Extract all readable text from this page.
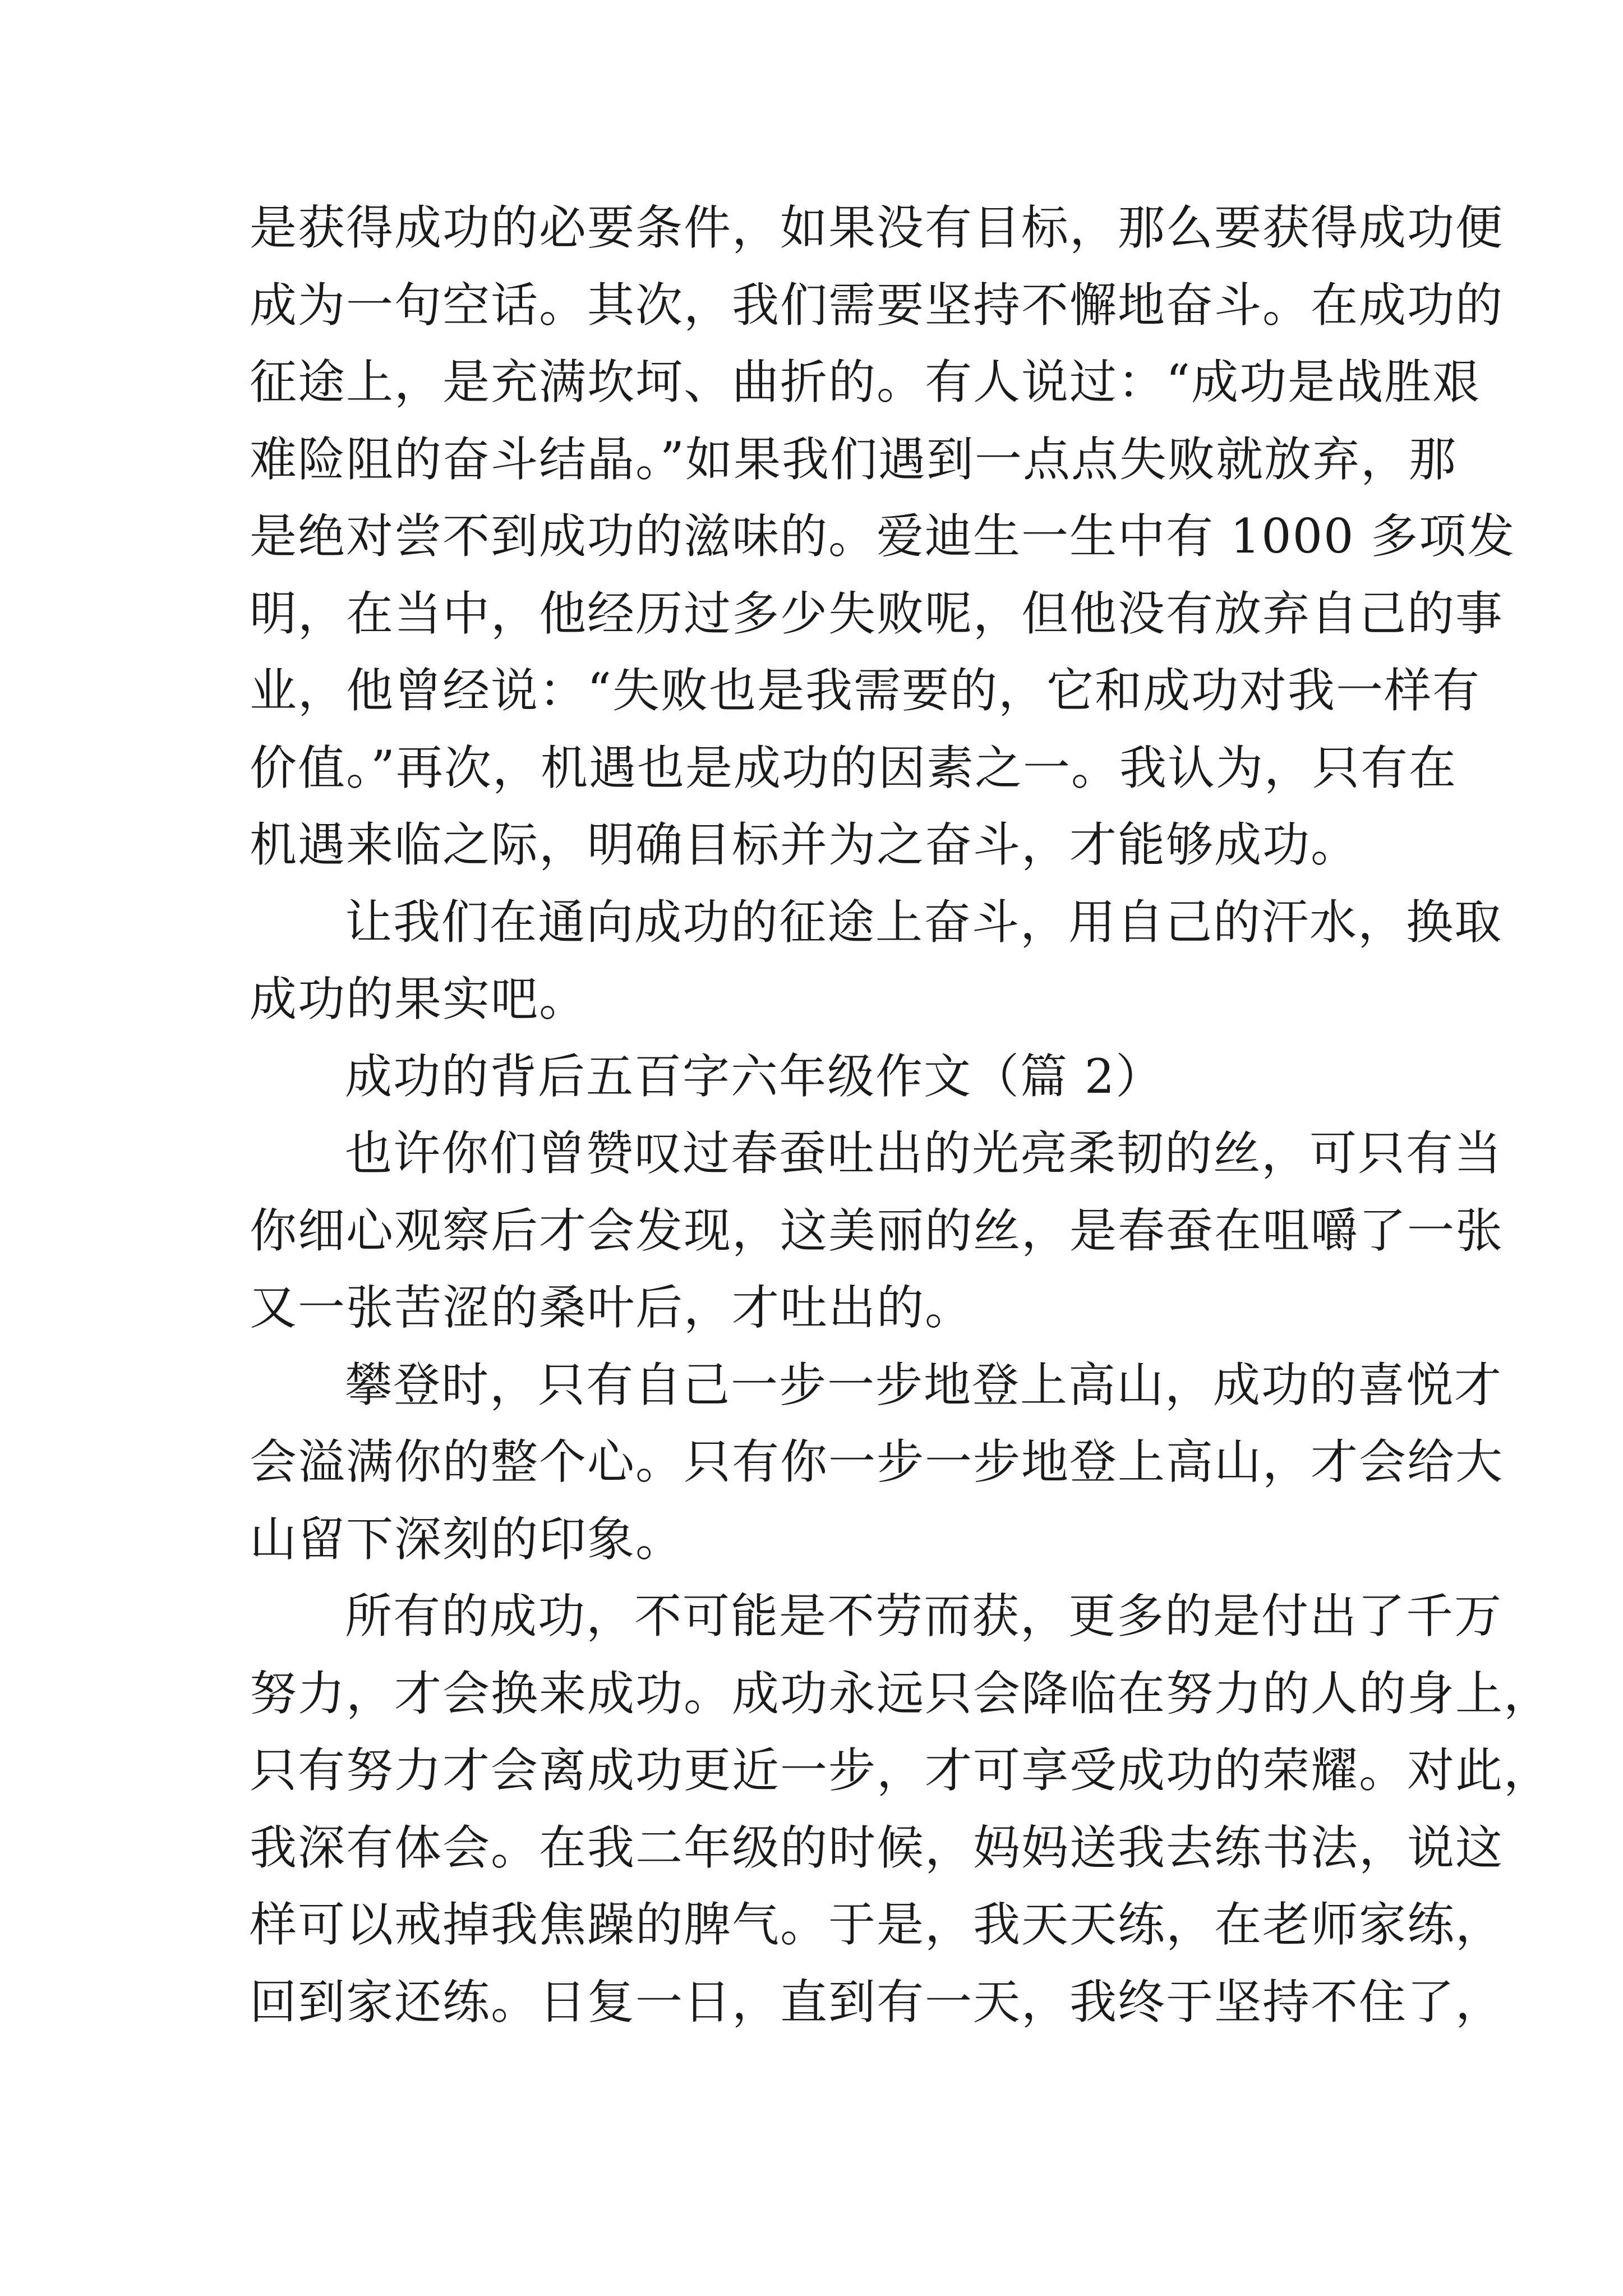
是获得成功的必要条件，如果没有目标，那么要获得成功便
成为一句空话。其次，我们需要坚持不懈地奋斗。在成功的
征途上，是充满坎坷、曲折的。有人说过：“成功是战胜艰
难险阻的奋斗结晶。”如果我们遇到一点点失败就放弃，那
是绝对尝不到成功的滋味的。爱迪生一生中有 1000 多项发
明，在当中，他经历过多少失败呢，但他没有放弃自己的事
业，他曾经说：“失败也是我需要的，它和成功对我一样有
价值。”再次，机遇也是成功的因素之一。我认为，只有在
机遇来临之际，明确目标并为之奋斗，才能够成功。
让我们在通向成功的征途上奋斗，用自己的汗水，换取
成功的果实吧。
成功的背后五百字六年级作文（篇 2）
也许你们曾赞叹过春蚕吐出的光亮柔韧的丝，可只有当
你细心观察后才会发现，这美丽的丝，是春蚕在咀嚼了一张
又一张苦涩的桑叶后，才吐出的。
攀登时，只有自己一步一步地登上高山，成功的喜悦才
会溢满你的整个心。只有你一步一步地登上高山，才会给大
山留下深刻的印象。
所有的成功，不可能是不劳而获，更多的是付出了千万
努力，才会换来成功。成功永远只会降临在努力的人的身上，
只有努力才会离成功更近一步，才可享受成功的荣耀。对此，
我深有体会。在我二年级的时候，妈妈送我去练书法，说这
样可以戒掉我焦躁的脾气。于是，我天天练，在老师家练，
回到家还练。日复一日，直到有一天，我终于坚持不住了，
